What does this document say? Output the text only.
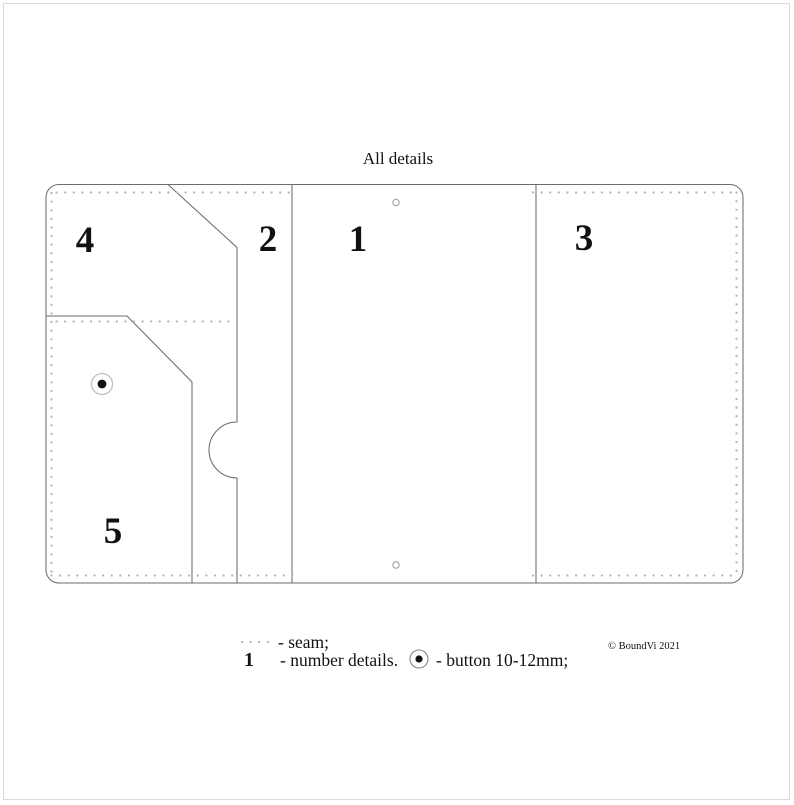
All details
4	2 1	3
5
- seam;
1 - number details. - button 10-12mm;
© BoundVi 2021
